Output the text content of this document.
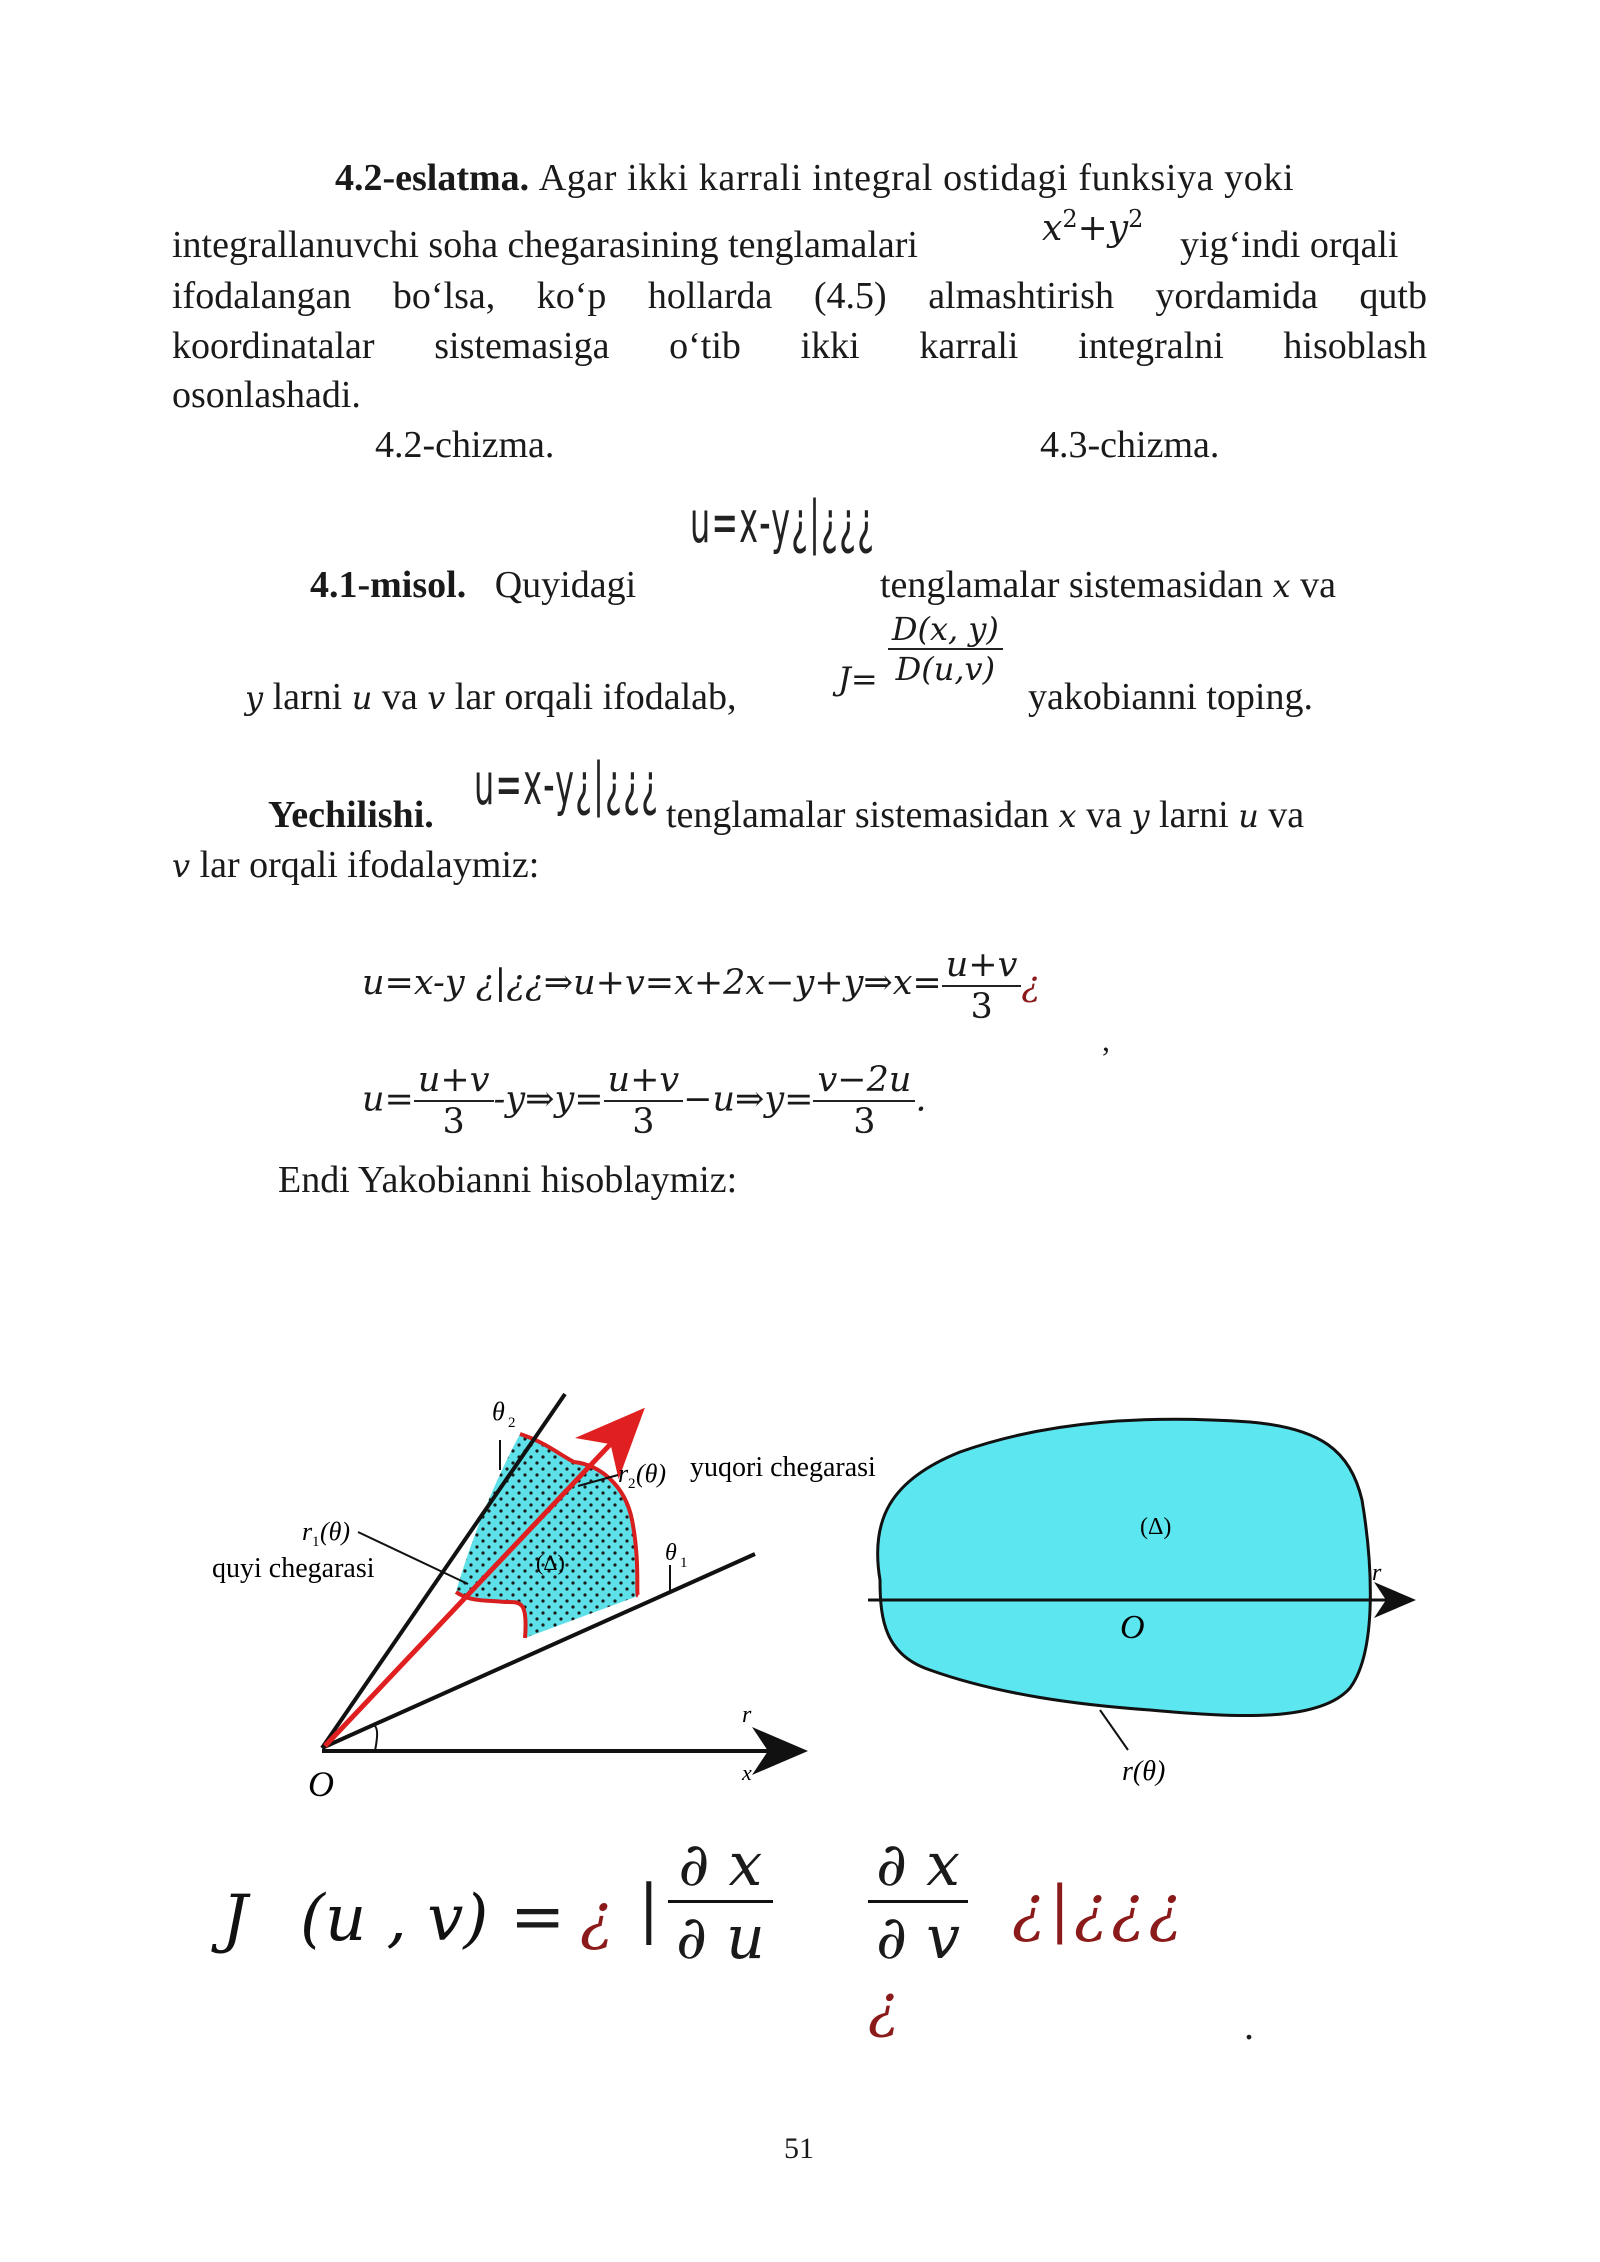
4.2-eslatma. Agar ikki karrali integral ostidagi funksiya yoki
integrallanuvchi soha chegarasining tenglamalari	$x^2+y^2$
yig‘indi orqali
ifodalangan bo‘lsa, ko‘p hollarda (4.5) almashtirish yordamida qutb
koordinatalar sistemasiga o‘tib ikki karrali integralni hisoblash
osonlashadi.
4.2-chizma.	4.3-chizma.
4.1-misol. Quyidagi
u=x-y¿|¿¿¿
tenglamalar sistemasidan x va
y larni u va v lar orqali ifodalab,	$J= \frac{D(x, y)}{D(u,v)}$
yakobianni toping.
Yechilishi. u=x-y¿|¿¿¿ tenglamalar sistemasidan x va y larni u va
v lar orqali ifodalaymiz:
u=x-y ¿|¿¿⇒u+v=x+2x−y+y⇒x= $\frac{u+v}{3}$ ¿
,
$u= \frac{u+v}{3}$ -y⇒y= $\frac{u+v}{3}$ −u⇒y= $\frac{v-2u}{3}$ .
Endi Yakobianni hisoblaymiz:
θ 2
r 2 (θ) yuqori chegarasi
r 1 (θ)
quyi chegarasi	(Δ)	θ 1
O
r
x
(Δ)
O
r
r(θ)
J (u , v) = ¿ |
∂ x
∂ u
∂ x
∂ v ¿|¿¿¿
¿	.
51
